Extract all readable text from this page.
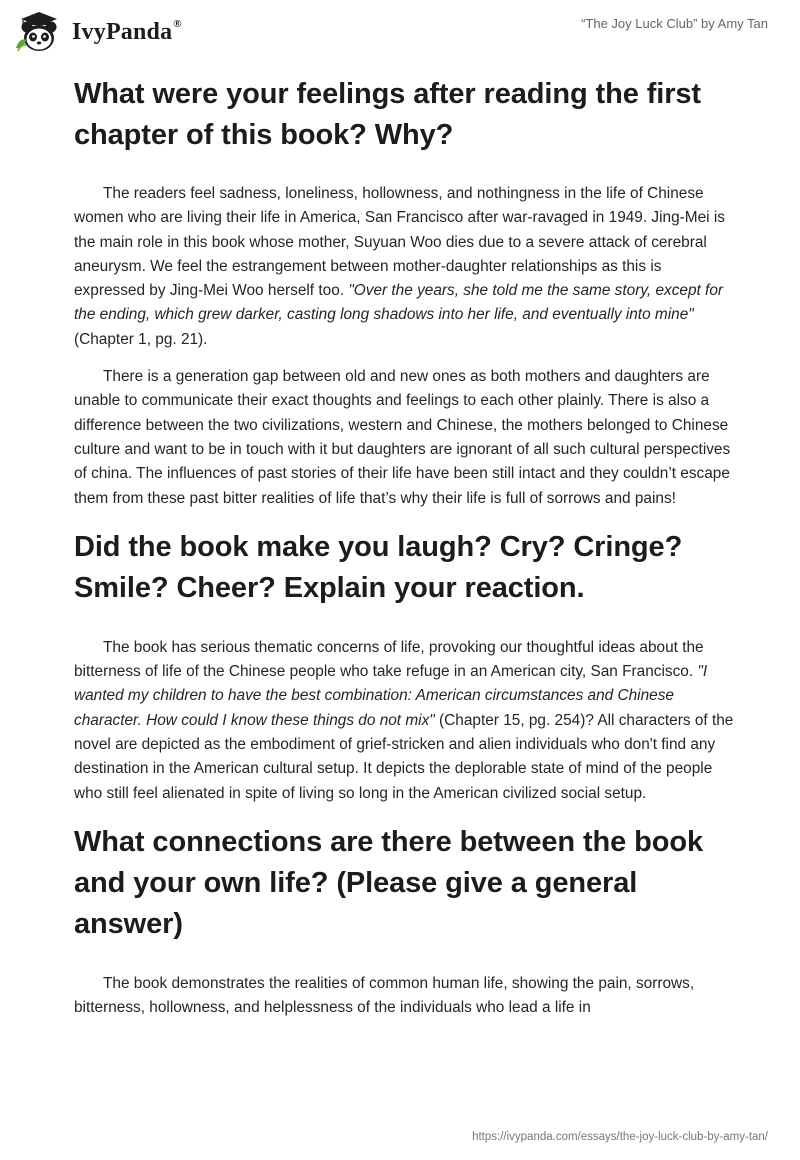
IvyPanda®	“The Joy Luck Club” by Amy Tan
What were your feelings after reading the first chapter of this book? Why?

The readers feel sadness, loneliness, hollowness, and nothingness in the life of Chinese women who are living their life in America, San Francisco after war-ravaged in 1949. Jing-Mei is the main role in this book whose mother, Suyuan Woo dies due to a severe attack of cerebral aneurysm. We feel the estrangement between mother-daughter relationships as this is expressed by Jing-Mei Woo herself too. "Over the years, she told me the same story, except for the ending, which grew darker, casting long shadows into her life, and eventually into mine" (Chapter 1, pg. 21).

There is a generation gap between old and new ones as both mothers and daughters are unable to communicate their exact thoughts and feelings to each other plainly. There is also a difference between the two civilizations, western and Chinese, the mothers belonged to Chinese culture and want to be in touch with it but daughters are ignorant of all such cultural perspectives of china. The influences of past stories of their life have been still intact and they couldn’t escape them from these past bitter realities of life that’s why their life is full of sorrows and pains!

Did the book make you laugh? Cry? Cringe? Smile? Cheer? Explain your reaction.

The book has serious thematic concerns of life, provoking our thoughtful ideas about the bitterness of life of the Chinese people who take refuge in an American city, San Francisco. "I wanted my children to have the best combination: American circumstances and Chinese character. How could I know these things do not mix" (Chapter 15, pg. 254)? All characters of the novel are depicted as the embodiment of grief-stricken and alien individuals who don't find any destination in the American cultural setup. It depicts the deplorable state of mind of the people who still feel alienated in spite of living so long in the American civilized social setup.

What connections are there between the book and your own life? (Please give a general answer)

The book demonstrates the realities of common human life, showing the pain, sorrows, bitterness, hollowness, and helplessness of the individuals who lead a life in

https://ivypanda.com/essays/the-joy-luck-club-by-amy-tan/
